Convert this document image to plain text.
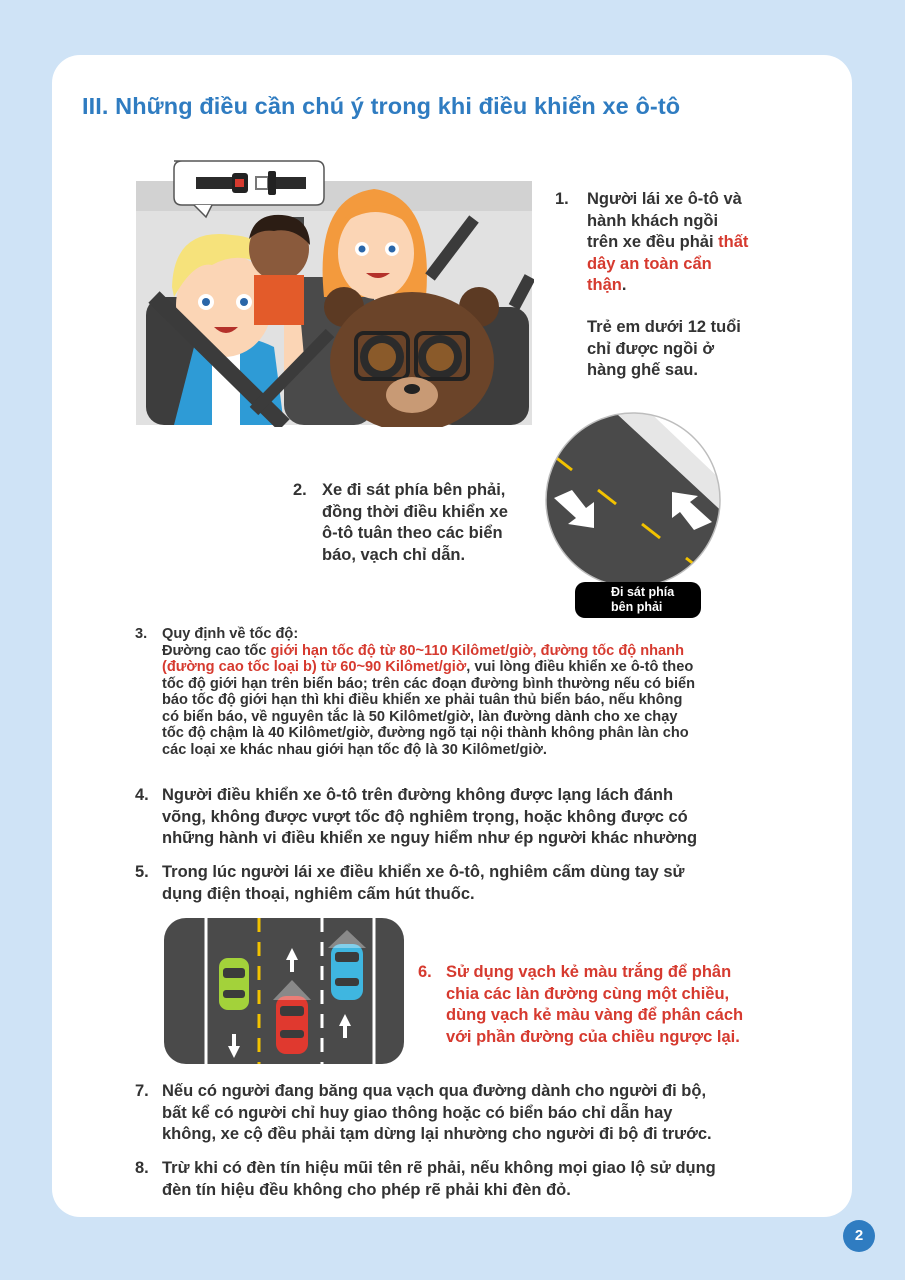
III. Những điều cần chú ý trong khi điều khiển xe ô-tô
1. Người lái xe ô-tô và
hành khách ngồi
trên xe đều phải thất
dây an toàn cẩn
thận.
Trẻ em dưới 12 tuổi
chỉ được ngồi ở
hàng ghế sau.
2. Xe đi sát phía bên phải,
đồng thời điều khiển xe
ô-tô tuân theo các biển
báo, vạch chỉ dẫn.
Đi sát phía
bên phải
3. Quy định về tốc độ:
Đường cao tốc giới hạn tốc độ từ 80~110 Kilômet/giờ, đường tốc độ nhanh
(đường cao tốc loại b) từ 60~90 Kilômet/giờ, vui lòng điều khiển xe ô-tô theo
tốc độ giới hạn trên biển báo; trên các đoạn đường bình thường nếu có biển
báo tốc độ giới hạn thì khi điều khiển xe phải tuân thủ biển báo, nếu không
có biển báo, về nguyên tắc là 50 Kilômet/giờ, làn đường dành cho xe chạy
tốc độ chậm là 40 Kilômet/giờ, đường ngõ tại nội thành không phân làn cho
các loại xe khác nhau giới hạn tốc độ là 30 Kilômet/giờ.
4. Người điều khiển xe ô-tô trên đường không được lạng lách đánh
võng, không được vượt tốc độ nghiêm trọng, hoặc không được có
những hành vi điều khiển xe nguy hiểm như ép người khác nhường
5. Trong lúc người lái xe điều khiển xe ô-tô, nghiêm cấm dùng tay sử
dụng điện thoại, nghiêm cấm hút thuốc.
6. Sử dụng vạch kẻ màu trắng để phân
chia các làn đường cùng một chiều,
dùng vạch kẻ màu vàng để phân cách
với phần đường của chiều ngược lại.
7. Nếu có người đang băng qua vạch qua đường dành cho người đi bộ,
bất kể có người chỉ huy giao thông hoặc có biển báo chỉ dẫn hay
không, xe cộ đều phải tạm dừng lại nhường cho người đi bộ đi trước.
8. Trừ khi có đèn tín hiệu mũi tên rẽ phải, nếu không mọi giao lộ sử dụng
đèn tín hiệu đều không cho phép rẽ phải khi đèn đỏ.
2
